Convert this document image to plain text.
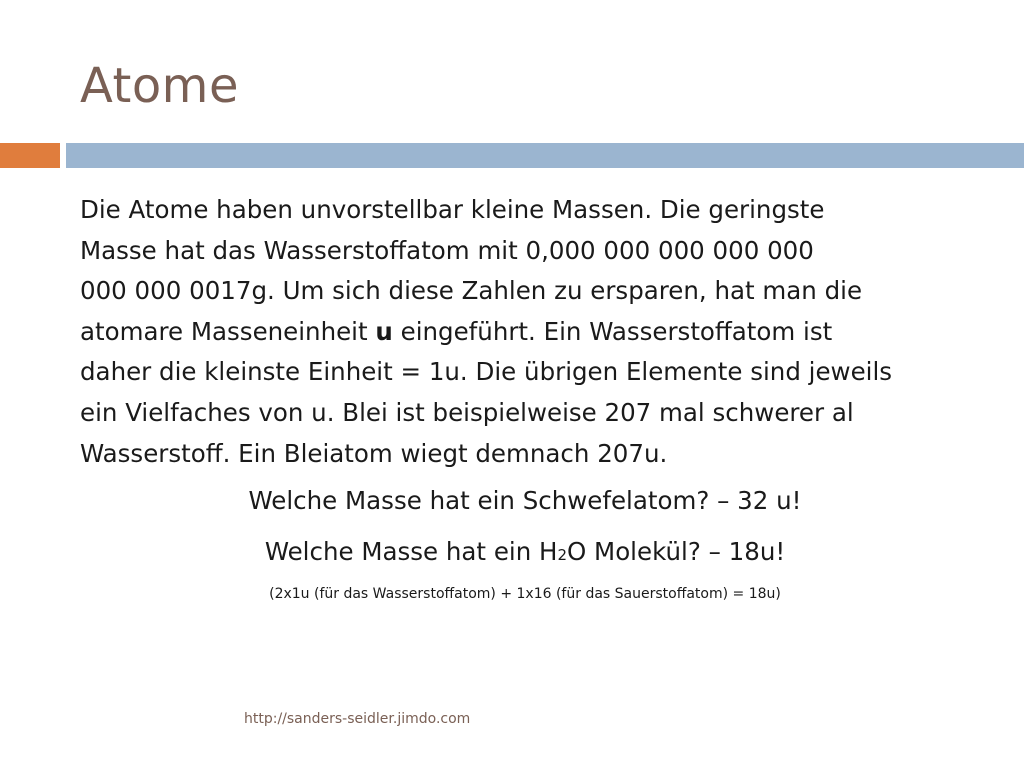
Atome
Die Atome haben unvorstellbar kleine Massen. Die geringste
Masse hat das Wasserstoffatom mit 0,000 000 000 000 000
000 000 0017g. Um sich diese Zahlen zu ersparen, hat man die
atomare Masseneinheit u eingeführt. Ein Wasserstoffatom ist
daher die kleinste Einheit = 1u. Die übrigen Elemente sind jeweils
ein Vielfaches von u. Blei ist beispielweise 207 mal schwerer al
Wasserstoff. Ein Bleiatom wiegt demnach 207u.
Welche Masse hat ein Schwefelatom? – 32 u!
Welche Masse hat ein H2O Molekül? – 18u!
(2x1u (für das Wasserstoffatom) + 1x16 (für das Sauerstoffatom) = 18u)
http://sanders-seidler.jimdo.com
